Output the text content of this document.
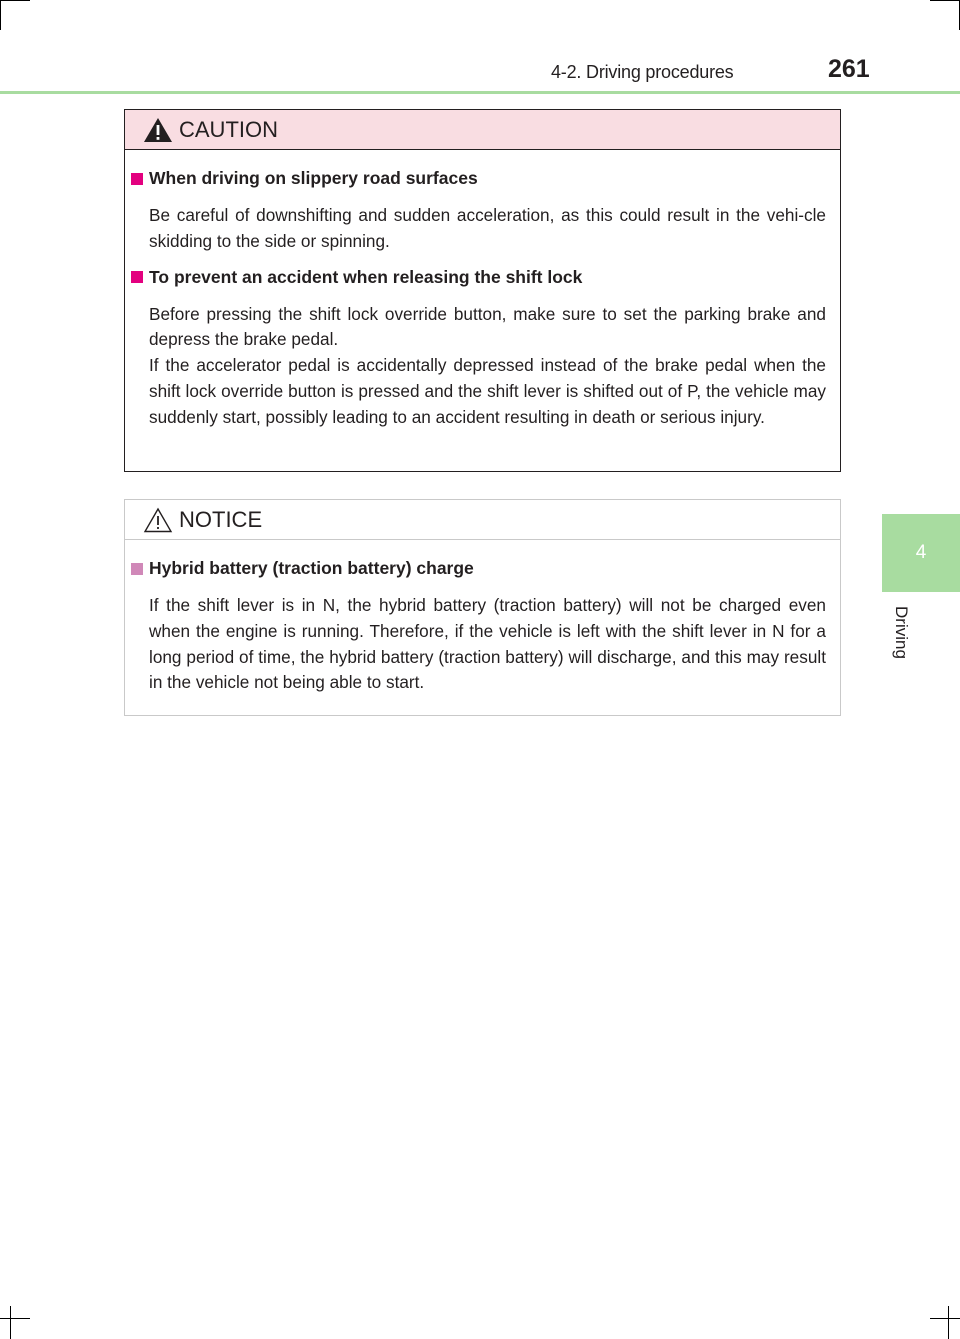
4-2. Driving procedures	261
4
Driving
CAUTION
When driving on slippery road surfaces

Be careful of downshifting and sudden acceleration, as this could result in the vehi-cle skidding to the side or spinning.

To prevent an accident when releasing the shift lock

Before pressing the shift lock override button, make sure to set the parking brake and depress the brake pedal.

If the accelerator pedal is accidentally depressed instead of the brake pedal when the shift lock override button is pressed and the shift lever is shifted out of P, the vehicle may suddenly start, possibly leading to an accident resulting in death or serious injury.

NOTICE
Hybrid battery (traction battery) charge

If the shift lever is in N, the hybrid battery (traction battery) will not be charged even when the engine is running. Therefore, if the vehicle is left with the shift lever in N for a long period of time, the hybrid battery (traction battery) will discharge, and this may result in the vehicle not being able to start.
